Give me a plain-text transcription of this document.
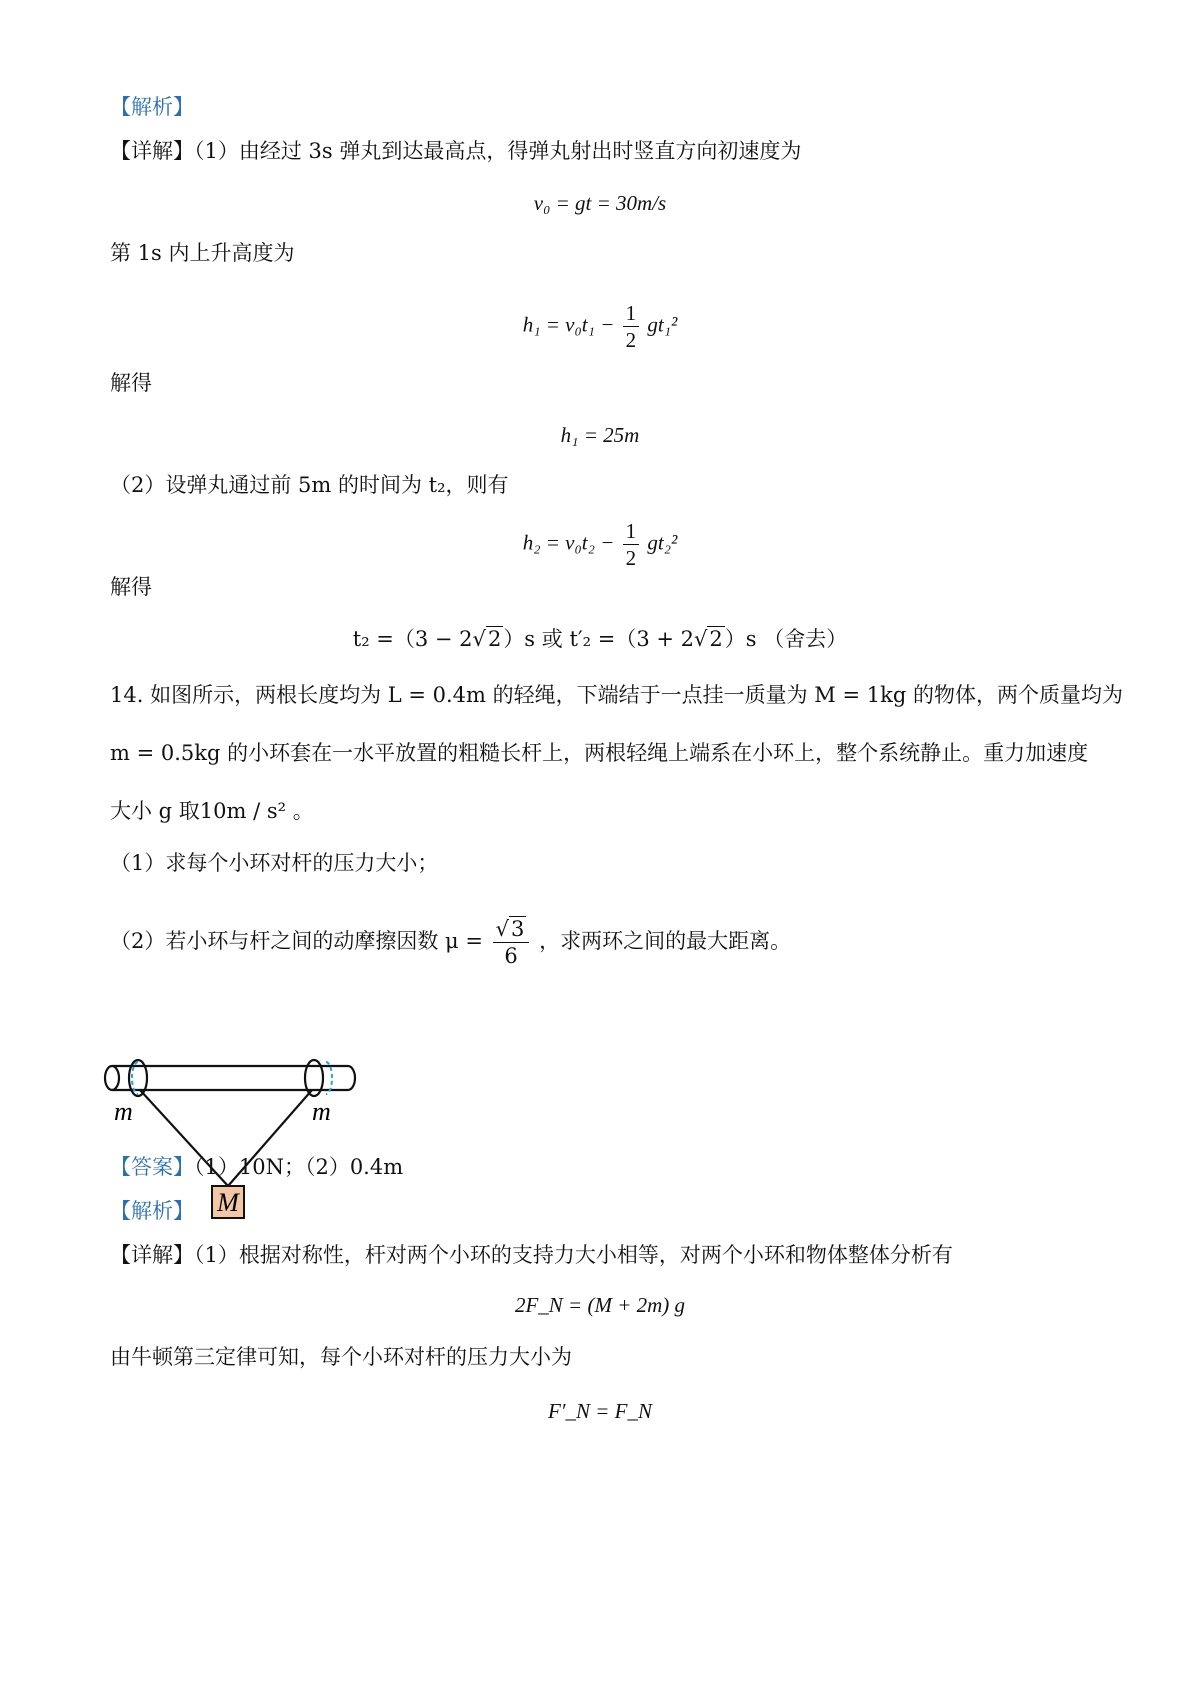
【解析】
【详解】（1）由经过 3s 弹丸到达最高点，得弹丸射出时竖直方向初速度为
v₀ = gt = 30m/s
第 1s 内上升高度为
$h_1 = v_0t_1 - \frac{1}{2} gt_1^2$
解得
h₁ = 25m
（2）设弹丸通过前 5m 的时间为 t₂，则有
$h_2 = v_0t_2 - \frac{1}{2} gt_2^2$
解得
t₂ =（3 − 2√2）s 或 t′₂ =（3 + 2√2）s （舍去）
14. 如图所示，两根长度均为 L = 0.4m 的轻绳，下端结于一点挂一质量为 M = 1kg 的物体，两个质量均为
m = 0.5kg 的小环套在一水平放置的粗糙长杆上，两根轻绳上端系在小环上，整个系统静止。重力加速度
大小 g 取10m / s² 。
（1）求每个小环对杆的压力大小；
（2）若小环与杆之间的动摩擦因数 $\mu = \frac{√3}{6}$ ，求两环之间的最大距离。
M
m	m
【答案】（1）10N；（2）0.4m
【解析】
【详解】（1）根据对称性，杆对两个小环的支持力大小相等，对两个小环和物体整体分析有
2F_N = (M + 2m) g
由牛顿第三定律可知，每个小环对杆的压力大小为
F′_N = F_N
